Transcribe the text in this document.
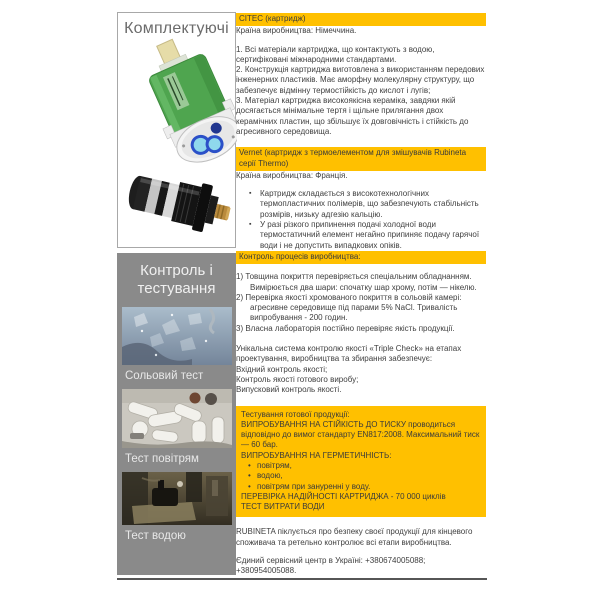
Комплектуючі
Контроль і
тестування
Сольовий тест
Тест повітрям
Тест водою
CITEC (картридж)
Країна виробництва: Німеччина.
1. Всі матеріали картриджа, що контактують з водою, сертифіковані міжнародними стандартами.
2. Конструкція картриджа виготовлена з використанням передових інженерних пластиків. Має аморфну молекулярну структуру, що забезпечує відмінну термостійкість до кислот і лугів;
3. Матеріал картриджа високоякісна кераміка, завдяки якій досягається мінімальне тертя і щільне прилягання двох керамічних пластин, що збільшує їх довговічність і стійкість до агресивного середовища.
Vernet (картридж з термоелементом для змішувачів Rubineta серії Thermo)
Країна виробництва: Франція.
▪ Картридж складається з високотехнологічних термопластичних полімерів, що забезпечують стабільність розмірів, низьку адгезію кальцію.
▪ У разі різкого припинення подачі холодної води термостатичний елемент негайно припиняє подачу гарячої води і не допустить випадкових опіків.
Контроль процесів виробництва:
1) Товщина покриття перевіряється спеціальним обладнанням. Вимірюється два шари: спочатку шар хрому, потім — нікелю.
2) Перевірка якості хромованого покриття в сольовій камері: агресивне середовище під парами 5% NaCl. Тривалість випробування - 200 годин.
3) Власна лабораторія постійно перевіряє якість продукції.
Унікальна система контролю якості «Triple Check» на етапах проектування, виробництва та збирання забезпечує:
Вхідний контроль якості;
Контроль якості готового виробу;
Випусковий контроль якості.
Тестування готової продукції:
ВИПРОБУВАННЯ НА СТІЙКІСТЬ ДО ТИСКУ проводиться відповідно до вимог стандарту EN817:2008. Максимальний тиск — 60 бар.
ВИПРОБУВАННЯ НА ГЕРМЕТИЧНІСТЬ:
• повітрям,
• водою,
• повітрям при зануренні у воду.
ПЕРЕВІРКА НАДІЙНОСТІ КАРТРИДЖА - 70 000 циклів
ТЕСТ ВИТРАТИ ВОДИ
RUBINETA піклується про безпеку своєї продукції для кінцевого споживача та ретельно контролює всі етапи виробництва.
Єдиний сервісний центр в Україні: +380674005088; +380954005088.
